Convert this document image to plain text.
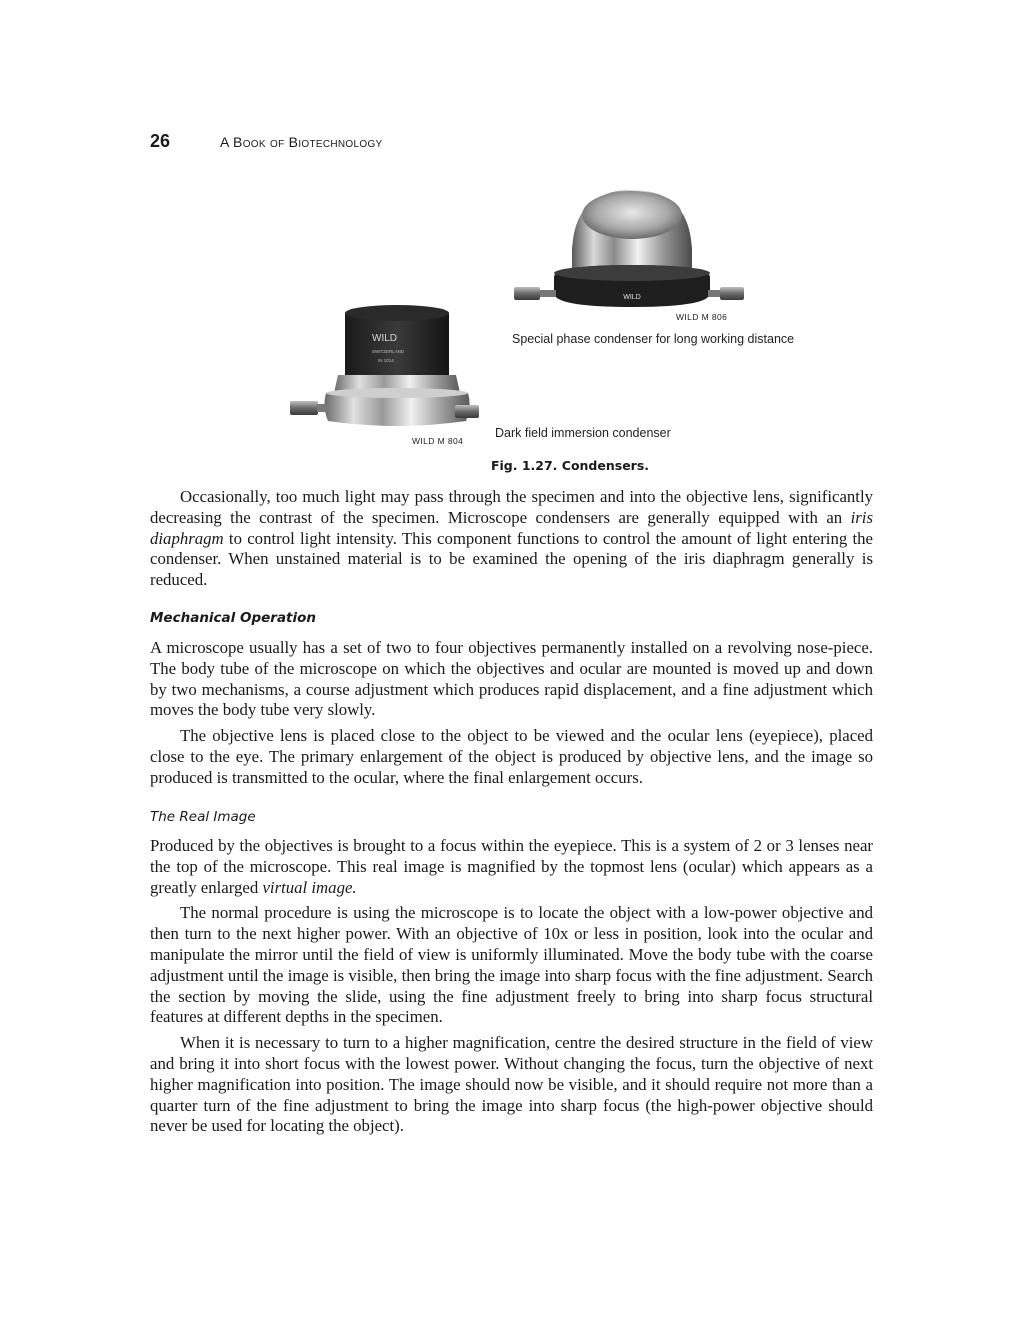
26	A Book of Biotechnology
WILD
WILD M 806
Special phase condenser for long working distance
WILD
SWITZERLAND
IN 1014
WILD M 804
Dark field immersion condenser
Fig. 1.27. Condensers.

Occasionally, too much light may pass through the specimen and into the objective lens, significantly decreasing the contrast of the specimen. Microscope condensers are generally equipped with an iris diaphragm to control light intensity. This component functions to control the amount of light entering the condenser. When unstained material is to be examined the opening of the iris diaphragm generally is reduced.

Mechanical Operation

A microscope usually has a set of two to four objectives permanently installed on a revolving nose-piece. The body tube of the microscope on which the objectives and ocular are mounted is moved up and down by two mechanisms, a course adjustment which produces rapid displacement, and a fine adjustment which moves the body tube very slowly.

The objective lens is placed close to the object to be viewed and the ocular lens (eyepiece), placed close to the eye. The primary enlargement of the object is produced by objective lens, and the image so produced is transmitted to the ocular, where the final enlargement occurs.

The Real Image

Produced by the objectives is brought to a focus within the eyepiece. This is a system of 2 or 3 lenses near the top of the microscope. This real image is magnified by the topmost lens (ocular) which appears as a greatly enlarged virtual image.

The normal procedure is using the microscope is to locate the object with a low-power objective and then turn to the next higher power. With an objective of 10x or less in position, look into the ocular and manipulate the mirror until the field of view is uniformly illuminated. Move the body tube with the coarse adjustment until the image is visible, then bring the image into sharp focus with the fine adjustment. Search the section by moving the slide, using the fine adjustment freely to bring into sharp focus structural features at different depths in the specimen.

When it is necessary to turn to a higher magnification, centre the desired structure in the field of view and bring it into short focus with the lowest power. Without changing the focus, turn the objective of next higher magnification into position. The image should now be visible, and it should require not more than a quarter turn of the fine adjustment to bring the image into sharp focus (the high-power objective should never be used for locating the object).
